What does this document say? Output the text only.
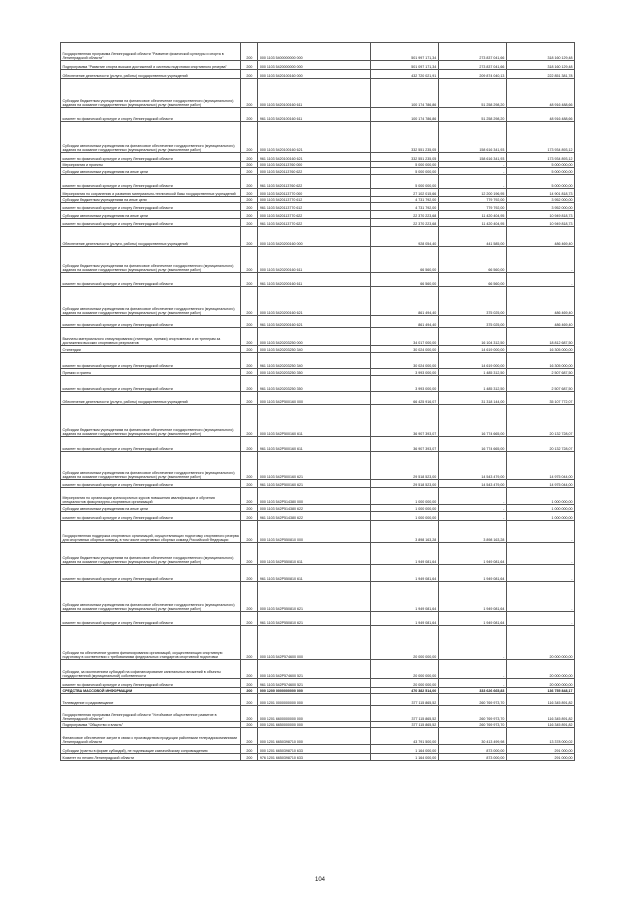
Государственная программа Ленинградской области "Развитие физической культуры и спорта в Ленинградской области"	200	000 1103 5400000000 000	501 997 171,34	273 837 041,66	318 160 129,48
Подпрограмма "Развитие спорта высших достижений и системы подготовки спортивного резерва"	200	000 1103 5420000000 000	501 097 171,34	273 837 041,66	318 160 129,48
Обеспечение деятельности (услуги, работы) государственных учреждений	200	000 1103 5420100160 000	432 720 021,91	209 874 040,13	222 851 381,78
Субсидии бюджетным учреждениям на финансовое обеспечение государственного (муниципального) задания на оказание государственных (муниципальных) услуг (выполнение работ)	200	000 1103 5420100160 611	100 174 786,86	51 258 298,20	48 916 488,66
комитет по физической культуре и спорту Ленинградской области	200	961 1103 5420100160 611	100 174 786,86	51 258 298,20	48 916 488,66
Субсидии автономным учреждениям на финансовое обеспечение государственного (муниципального) задания на оказание государственных (муниципальных) услуг (выполнение работ)	200	000 1103 5420100160 621	332 551 235,05	158 616 341,93	173 934 893,12
комитет по физической культуре и спорту Ленинградской области	200	961 1103 5420100160 621	332 551 235,05	158 616 341,93	173 934 893,12
Мероприятия и проекты	200	000 1103 5420113760 000	5 000 000,00	-	5 000 000,00
Субсидии автономным учреждениям на иные цели	200	000 1103 5420113760 622	5 000 000,00	-	5 000 000,00
комитет по физической культуре и спорту Ленинградской области	200	961 1103 5420113760 622	5 000 000,00	-	5 000 000,00
Мероприятия по сохранению и развитию материально-технической базы государственных учреждений	200	000 1103 5420113770 000	27 102 015,66	12 200 196,95	14 901 818,73
Субсидии бюджетным учреждениям на иные цели	200	000 1103 5420113770 612	4 731 792,00	779 792,00	3 952 000,00
комитет по физической культуре и спорту Ленинградской области	200	961 1103 5420113770 612	4 731 792,00	779 792,00	3 952 000,00
Субсидии автономным учреждениям на иные цели	200	000 1103 5420113770 622	22 370 223,68	11 420 404,95	10 949 818,73
комитет по физической культуре и спорту Ленинградской области	200	961 1103 5420113770 622	22 370 223,68	11 420 404,95	10 949 818,73
Обеспечение деятельности (услуги, работы) государственных учреждений	200	000 1103 5420200160 000	928 054,40	441 585,00	486 469,40
Субсидии бюджетным учреждениям на финансовое обеспечение государственного (муниципального) задания на оказание государственных (муниципальных) услуг (выполнение работ)	200	000 1103 5420200160 611	66 560,00	66 560,00	-
комитет по физической культуре и спорту Ленинградской области	200	961 1103 5420200160 611	66 560,00	66 560,00	-
Субсидии автономным учреждениям на финансовое обеспечение государственного (муниципального) задания на оказание государственных (муниципальных) услуг (выполнение работ)	200	000 1103 5420200160 621	861 494,40	375 025,00	486 469,40
комитет по физической культуре и спорту Ленинградской области	200	961 1103 5420200160 621	861 494,40	375 025,00	486 469,40
Выплаты материального стимулирования (стипендии, премии) спортсменам и их тренерам за достижения высоких спортивных результатов	200	000 1103 5420203250 000	34 017 000,00	16 104 312,50	18 812 687,50
Стипендии	200	000 1103 5420203250 340	30 024 000,00	14 619 000,00	16 305 000,00
комитет по физической культуре и спорту Ленинградской области	200	961 1103 5420203250 340	30 024 000,00	14 619 000,00	16 305 000,00
Премии и гранты	200	000 1103 5420203250 350	3 993 000,00	1 485 312,50	2 507 687,50
комитет по физической культуре и спорту Ленинградской области	200	961 1103 5420203250 350	3 993 000,00	1 485 312,50	2 507 687,50
Обеспечение деятельности (услуги, работы) государственных учреждений	200	000 1103 542Р500160 000	66 425 916,07	31 318 144,00	35 107 772,07
Субсидии бюджетным учреждениям на финансовое обеспечение государственного (муниципального) задания на оказание государственных (муниципальных) услуг (выполнение работ)	200	000 1103 542Р500160 611	36 907 393,07	16 774 665,00	20 132 728,07
комитет по физической культуре и спорту Ленинградской области	200	961 1103 542Р500160 611	36 907 393,07	16 774 665,00	20 132 728,07
Субсидии автономным учреждениям на финансовое обеспечение государственного (муниципального) задания на оказание государственных (муниципальных) услуг (выполнение работ)	200	000 1103 542Р500160 621	29 518 523,00	14 543 479,00	14 975 044,00
комитет по физической культуре и спорту Ленинградской области	200	961 1103 542Р500160 621	29 518 523,00	14 543 479,00	14 975 044,00
Мероприятия по организации краткосрочных курсов повышения квалификации и обучения специалистов физкультурно-спортивных организаций	200	000 1103 542Р514380 000	1 000 000,00	-	1 000 000,00
Субсидии автономным учреждениям на иные цели	200	000 1103 542Р514380 622	1 000 000,00	-	1 000 000,00
комитет по физической культуре и спорту Ленинградской области	200	961 1103 542Р514380 622	1 000 000,00	-	1 000 000,00
Государственная поддержка спортивных организаций, осуществляющих подготовку спортивного резерва для спортивных сборных команд, в том числе спортивных сборных команд Российской Федерации	200	000 1103 542Р550810 000	3 898 163,28	3 898 163,28	-
Субсидии бюджетным учреждениям на финансовое обеспечение государственного (муниципального) задания на оказание государственных (муниципальных) услуг (выполнение работ)	200	000 1103 542Р550810 611	1 949 081,64	1 949 081,64	-
комитет по физической культуре и спорту Ленинградской области	200	961 1103 542Р550810 611	1 949 081,64	1 949 081,64	-
Субсидии автономным учреждениям на финансовое обеспечение государственного (муниципального) задания на оказание государственных (муниципальных) услуг (выполнение работ)	200	000 1103 542Р550810 621	1 949 081,64	1 949 081,64	-
комитет по физической культуре и спорту Ленинградской области	200	961 1103 542Р550810 621	1 949 081,64	1 949 081,64	-
Субсидии на обеспечение уровня финансирования организаций, осуществляющих спортивную подготовку в соответствии с требованиями федеральных стандартов спортивной подготовки	200	000 1103 542Р574600 000	20 000 000,00	-	20 000 000,00
Субсидии, за исключением субсидий на софинансирование капитальных вложений в объекты государственной (муниципальной) собственности	200	000 1103 542Р574600 521	20 000 000,00	-	20 000 000,00
комитет по физической культуре и спорту Ленинградской области	200	961 1103 542Р574600 521	20 000 000,00	-	20 000 000,00
СРЕДСТВА МАССОВОЙ ИНФОРМАЦИИ	200	000 1200 0000000000 000	470 382 514,00	333 626 665,83	136 755 848,17
Телевидение и радиовещание	200	000 1201 0000000000 000	377 115 865,52	260 769 973,70	116 345 891,82
Государственная программа Ленинградской области "Устойчивое общественное развитие в Ленинградской области"	200	000 1201 6600000000 000	377 115 865,52	260 769 973,70	116 345 891,82
Подпрограмма "Общество и власть"	200	000 1201 6650000000 000	377 115 865,52	260 769 973,70	116 345 891,82
Финансовое обеспечение затрат в связи с производством продукции районными телерадиокомпаниями Ленинградской области	200	000 1201 6650398710 000	43 791 500,00	30 413 499,98	13 378 000,02
Субсидии (гранты в форме субсидий), не подлежащие казначейскому сопровождению	200	000 1201 6650398710 633	1 164 000,00	873 000,00	291 000,00
Комитет по печати Ленинградской области	200	976 1201 6650398710 633	1 164 000,00	873 000,00	291 000,00
104
